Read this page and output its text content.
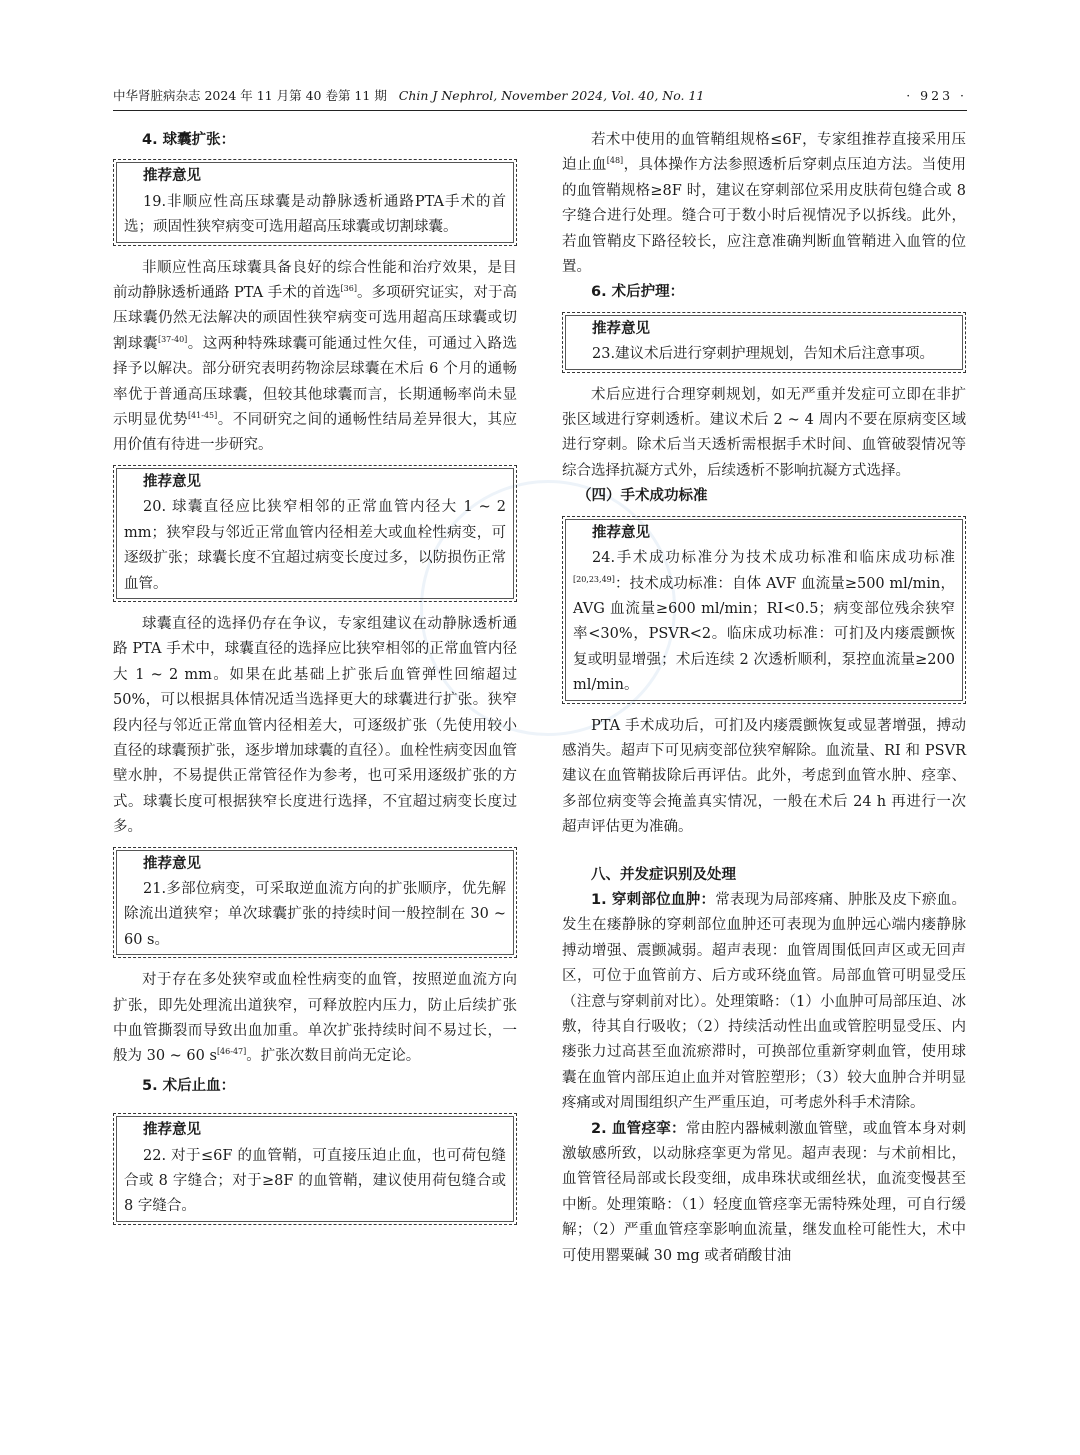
中华肾脏病杂志 2024 年 11 月第 40 卷第 11 期 Chin J Nephrol, November 2024, Vol. 40, No. 11	· 923 ·
4. 球囊扩张：
推荐意见

19.非顺应性高压球囊是动静脉透析通路PTA手术的首选；顽固性狭窄病变可选用超高压球囊或切割球囊。

非顺应性高压球囊具备良好的综合性能和治疗效果，是目前动静脉透析通路 PTA 手术的首选[36]。多项研究证实，对于高压球囊仍然无法解决的顽固性狭窄病变可选用超高压球囊或切割球囊[37-40]。这两种特殊球囊可能通过性欠佳，可通过入路选择予以解决。部分研究表明药物涂层球囊在术后 6 个月的通畅率优于普通高压球囊，但较其他球囊而言，长期通畅率尚未显示明显优势[41-45]。不同研究之间的通畅性结局差异很大，其应用价值有待进一步研究。

推荐意见

20. 球囊直径应比狭窄相邻的正常血管内径大 1 ~ 2 mm；狭窄段与邻近正常血管内径相差大或血栓性病变，可逐级扩张；球囊长度不宜超过病变长度过多，以防损伤正常血管。

球囊直径的选择仍存在争议，专家组建议在动静脉透析通路 PTA 手术中，球囊直径的选择应比狭窄相邻的正常血管内径大 1 ~ 2 mm。如果在此基础上扩张后血管弹性回缩超过 50%，可以根据具体情况适当选择更大的球囊进行扩张。狭窄段内径与邻近正常血管内径相差大，可逐级扩张（先使用较小直径的球囊预扩张，逐步增加球囊的直径）。血栓性病变因血管壁水肿，不易提供正常管径作为参考，也可采用逐级扩张的方式。球囊长度可根据狭窄长度进行选择，不宜超过病变长度过多。

推荐意见

21.多部位病变，可采取逆血流方向的扩张顺序，优先解除流出道狭窄；单次球囊扩张的持续时间一般控制在 30 ~ 60 s。

对于存在多处狭窄或血栓性病变的血管，按照逆血流方向扩张，即先处理流出道狭窄，可释放腔内压力，防止后续扩张中血管撕裂而导致出血加重。单次扩张持续时间不易过长，一般为 30 ~ 60 s[46-47]。扩张次数目前尚无定论。

5. 术后止血：
推荐意见

22. 对于≤6F 的血管鞘，可直接压迫止血，也可荷包缝合或 8 字缝合；对于≥8F 的血管鞘，建议使用荷包缝合或 8 字缝合。

若术中使用的血管鞘组规格≤6F，专家组推荐直接采用压迫止血[48]，具体操作方法参照透析后穿刺点压迫方法。当使用的血管鞘规格≥8F 时，建议在穿刺部位采用皮肤荷包缝合或 8 字缝合进行处理。缝合可于数小时后视情况予以拆线。此外，若血管鞘皮下路径较长，应注意准确判断血管鞘进入血管的位置。

6. 术后护理：
推荐意见

23.建议术后进行穿刺护理规划，告知术后注意事项。

术后应进行合理穿刺规划，如无严重并发症可立即在非扩张区域进行穿刺透析。建议术后 2 ~ 4 周内不要在原病变区域进行穿刺。除术后当天透析需根据手术时间、血管破裂情况等综合选择抗凝方式外，后续透析不影响抗凝方式选择。

（四）手术成功标准
推荐意见

24.手术成功标准分为技术成功标准和临床成功标准[20,23,49]：技术成功标准：自体 AVF 血流量≥500 ml/min，AVG 血流量≥600 ml/min；RI<0.5；病变部位残余狭窄率<30%，PSVR<2。临床成功标准：可扪及内瘘震颤恢复或明显增强；术后连续 2 次透析顺利，泵控血流量≥200 ml/min。

PTA 手术成功后，可扪及内瘘震颤恢复或显著增强，搏动感消失。超声下可见病变部位狭窄解除。血流量、RI 和 PSVR 建议在血管鞘拔除后再评估。此外，考虑到血管水肿、痉挛、多部位病变等会掩盖真实情况，一般在术后 24 h 再进行一次超声评估更为准确。

八、并发症识别及处理

1. 穿刺部位血肿：常表现为局部疼痛、肿胀及皮下瘀血。发生在瘘静脉的穿刺部位血肿还可表现为血肿远心端内瘘静脉搏动增强、震颤减弱。超声表现：血管周围低回声区或无回声区，可位于血管前方、后方或环绕血管。局部血管可明显受压（注意与穿刺前对比）。处理策略：（1）小血肿可局部压迫、冰敷，待其自行吸收；（2）持续活动性出血或管腔明显受压、内瘘张力过高甚至血流瘀滞时，可换部位重新穿刺血管，使用球囊在血管内部压迫止血并对管腔塑形；（3）较大血肿合并明显疼痛或对周围组织产生严重压迫，可考虑外科手术清除。

2. 血管痉挛：常由腔内器械刺激血管壁，或血管本身对刺激敏感所致，以动脉痉挛更为常见。超声表现：与术前相比，血管管径局部或长段变细，成串珠状或细丝状，血流变慢甚至中断。处理策略：（1）轻度血管痉挛无需特殊处理，可自行缓解；（2）严重血管痉挛影响血流量，继发血栓可能性大，术中可使用罂粟碱 30 mg 或者硝酸甘油
